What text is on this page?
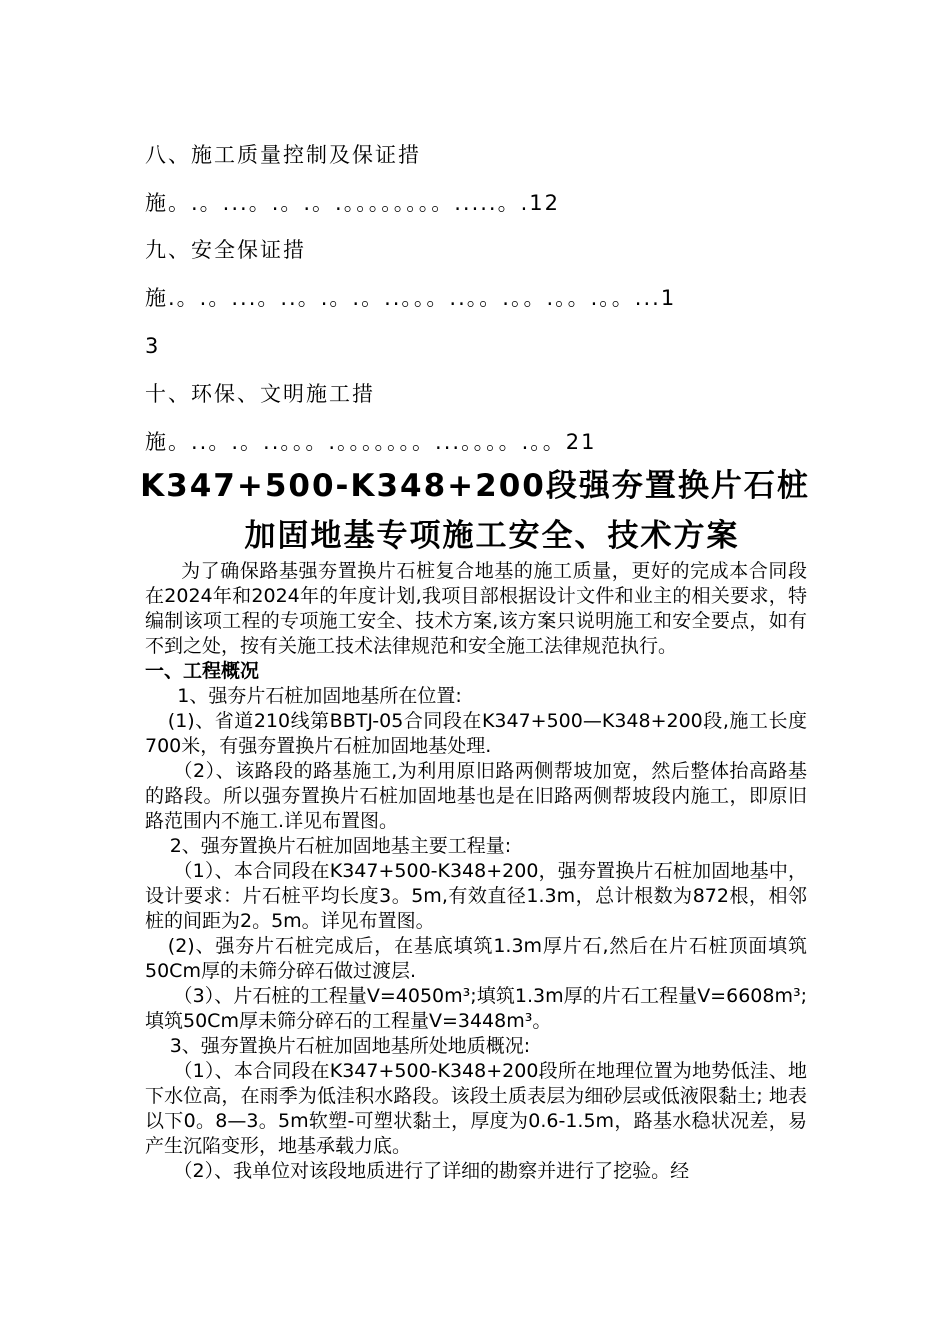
八、施工质量控制及保证措
施。.。...。.。.。.。。。。。。。。.....。.12
九、安全保证措
施.。.。...。..。.。.。..。。。..。。.。。.。。.。。...1
3
十、环保、文明施工措
施。..。.。..。。。.。。。。。。。...。。。。.。。21
K347+500-K348+200段强夯置换片石桩
加固地基专项施工安全、技术方案

为了确保路基强夯置换片石桩复合地基的施工质量，更好的完成本合同段在2024年和2024年的年度计划,我项目部根据设计文件和业主的相关要求，特编制该项工程的专项施工安全、技术方案,该方案只说明施工和安全要点，如有不到之处，按有关施工技术法律规范和安全施工法律规范执行。

一、工程概况

1、强夯片石桩加固地基所在位置:

(1)、省道210线第BBTJ-05合同段在K347+500—K348+200段,施工长度700米，有强夯置换片石桩加固地基处理.

（2）、该路段的路基施工,为利用原旧路两侧帮坡加宽，然后整体抬高路基的路段。所以强夯置换片石桩加固地基也是在旧路两侧帮坡段内施工，即原旧路范围内不施工.详见布置图。

2、强夯置换片石桩加固地基主要工程量:

（1）、本合同段在K347+500-K348+200，强夯置换片石桩加固地基中，设计要求：片石桩平均长度3。5m,有效直径1.3m，总计根数为872根，相邻桩的间距为2。5m。详见布置图。

(2)、强夯片石桩完成后，在基底填筑1.3m厚片石,然后在片石桩顶面填筑50Cm厚的未筛分碎石做过渡层.

（3）、片石桩的工程量V=4050m³;填筑1.3m厚的片石工程量V=6608m³; 填筑50Cm厚未筛分碎石的工程量V=3448m³。

3、强夯置换片石桩加固地基所处地质概况:

（1）、本合同段在K347+500-K348+200段所在地理位置为地势低洼、地下水位高，在雨季为低洼积水路段。该段土质表层为细砂层或低液限黏土; 地表以下0。8—3。5m软塑-可塑状黏土，厚度为0.6-1.5m，路基水稳状况差，易产生沉陷变形，地基承载力底。

（2）、我单位对该段地质进行了详细的勘察并进行了挖验。经
